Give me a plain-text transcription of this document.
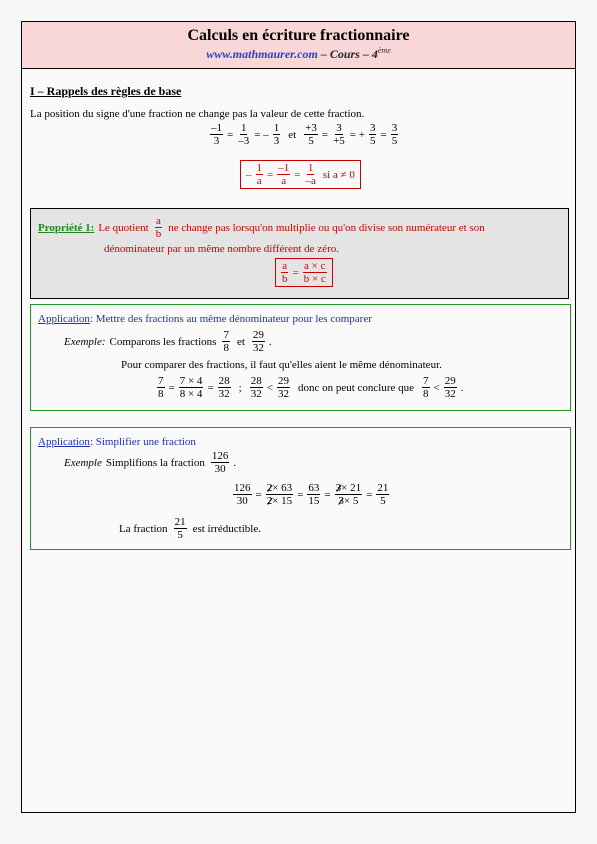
Calculs en écriture fractionnaire
www.mathmaurer.com – Cours – 4ème
I – Rappels des règles de base
La position du signe d'une fraction ne change pas la valeur de cette fraction.
$\frac{-1}{3} = \frac{1}{-3}$ = – $\frac{1}{3}$ et $\frac{+3}{5} = \frac{3}{+5}$ = + $\frac{3}{5} = \frac{3}{5}$
– $\frac{1}{a} = \frac{-1}{a} = \frac{1}{-a}$ si a ≠ 0
Propriété 1: Le quotient $\frac{a}{b}$ ne change pas lorsqu'on multiplie ou qu'on divise son numérateur et son
dénominateur par un même nombre différent de zéro.
$\frac{a}{b} = \frac{a \times c}{b \times c}$
Application: Mettre des fractions au même dénominateur pour les comparer
Exemple: Comparons les fractions $\frac{7}{8}$ et $\frac{29}{32}$ .
Pour comparer des fractions, il faut qu'elles aient le même dénominateur.
$\frac{7}{8} = \frac{7 \times 4}{8 \times 4} = \frac{28}{32}$ ; $\frac{28}{32} < \frac{29}{32}$ donc on peut conclure que $\frac{7}{8} < \frac{29}{32}$ .
Application: Simplifier une fraction
Exemple Simplifions la fraction $\frac{126}{30}$ .
$\frac{126}{30} = \frac{2\times 63}{2\times 15} = \frac{63}{15} = \frac{3\times 21}{3\times 5} = \frac{21}{5}$
La fraction $\frac{21}{5}$ est irréductible.
